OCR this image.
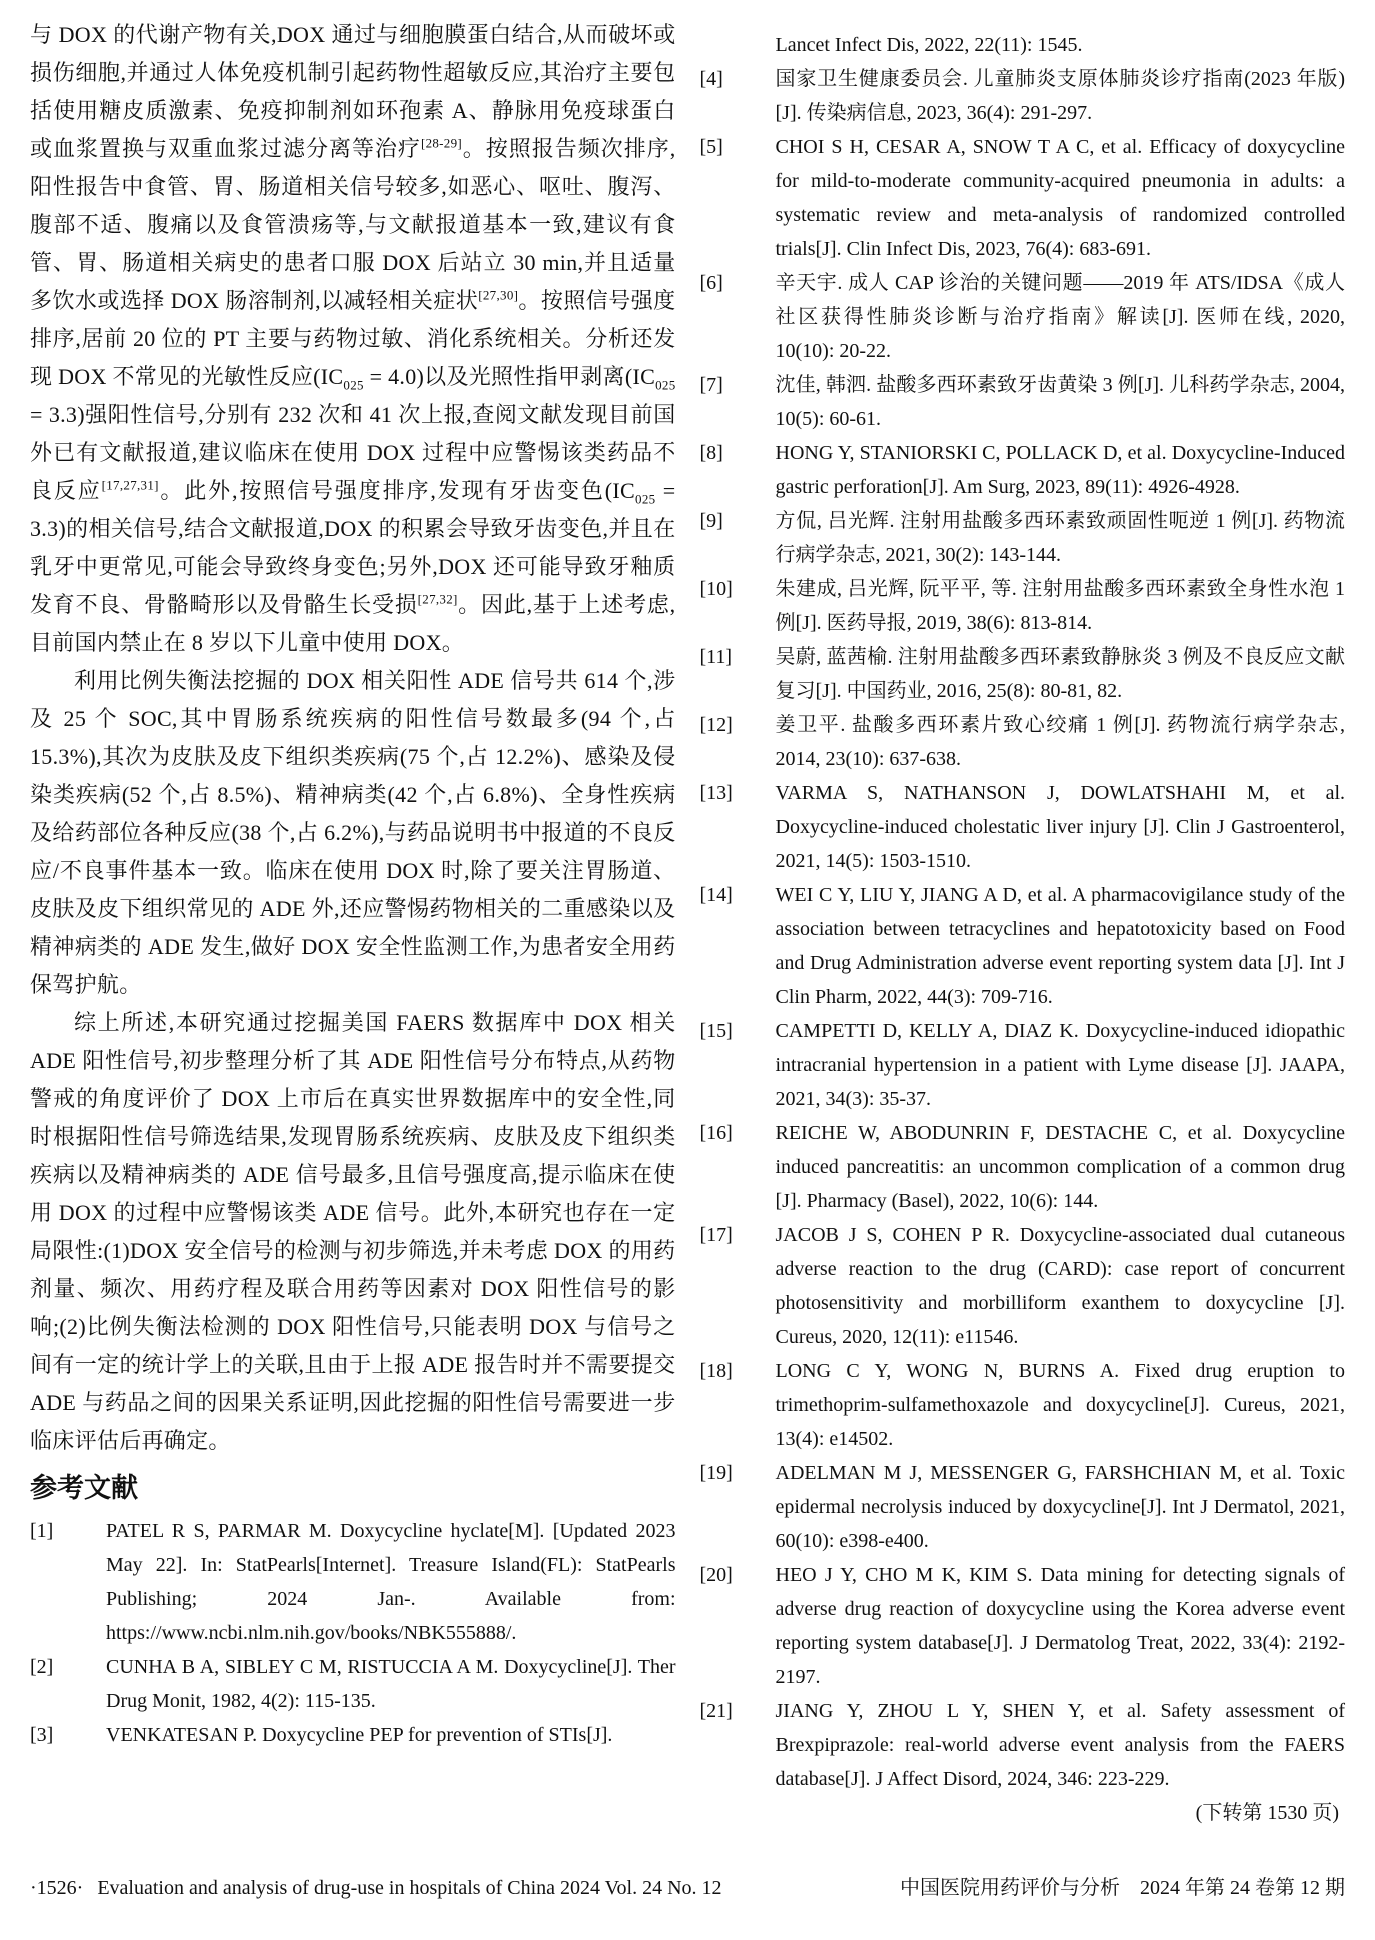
与 DOX 的代谢产物有关,DOX 通过与细胞膜蛋白结合,从而破坏或损伤细胞,并通过人体免疫机制引起药物性超敏反应,其治疗主要包括使用糖皮质激素、免疫抑制剂如环孢素 A、静脉用免疫球蛋白或血浆置换与双重血浆过滤分离等治疗[28-29]。按照报告频次排序,阳性报告中食管、胃、肠道相关信号较多,如恶心、呕吐、腹泻、腹部不适、腹痛以及食管溃疡等,与文献报道基本一致,建议有食管、胃、肠道相关病史的患者口服 DOX 后站立 30 min,并且适量多饮水或选择 DOX 肠溶制剂,以减轻相关症状[27,30]。按照信号强度排序,居前 20 位的 PT 主要与药物过敏、消化系统相关。分析还发现 DOX 不常见的光敏性反应$(IC_{025} = 4.0)$以及光照性指甲剥离$(IC_{025} = 3.3)$强阳性信号,分别有 232 次和 41 次上报,查阅文献发现目前国外已有文献报道,建议临床在使用 DOX 过程中应警惕该类药品不良反应[17,27,31]。此外,按照信号强度排序,发现有牙齿变色$(IC_{025} = 3.3)$的相关信号,结合文献报道,DOX 的积累会导致牙齿变色,并且在乳牙中更常见,可能会导致终身变色;另外,DOX 还可能导致牙釉质发育不良、骨骼畸形以及骨骼生长受损[27,32]。因此,基于上述考虑,目前国内禁止在 8 岁以下儿童中使用 DOX。

利用比例失衡法挖掘的 DOX 相关阳性 ADE 信号共 614 个,涉及 25 个 SOC,其中胃肠系统疾病的阳性信号数最多(94 个,占 15.3%),其次为皮肤及皮下组织类疾病(75 个,占 12.2%)、感染及侵染类疾病(52 个,占 8.5%)、精神病类(42 个,占 6.8%)、全身性疾病及给药部位各种反应(38 个,占 6.2%),与药品说明书中报道的不良反应/不良事件基本一致。临床在使用 DOX 时,除了要关注胃肠道、皮肤及皮下组织常见的 ADE 外,还应警惕药物相关的二重感染以及精神病类的 ADE 发生,做好 DOX 安全性监测工作,为患者安全用药保驾护航。

综上所述,本研究通过挖掘美国 FAERS 数据库中 DOX 相关 ADE 阳性信号,初步整理分析了其 ADE 阳性信号分布特点,从药物警戒的角度评价了 DOX 上市后在真实世界数据库中的安全性,同时根据阳性信号筛选结果,发现胃肠系统疾病、皮肤及皮下组织类疾病以及精神病类的 ADE 信号最多,且信号强度高,提示临床在使用 DOX 的过程中应警惕该类 ADE 信号。此外,本研究也存在一定局限性:(1)DOX 安全信号的检测与初步筛选,并未考虑 DOX 的用药剂量、频次、用药疗程及联合用药等因素对 DOX 阳性信号的影响;(2)比例失衡法检测的 DOX 阳性信号,只能表明 DOX 与信号之间有一定的统计学上的关联,且由于上报 ADE 报告时并不需要提交 ADE 与药品之间的因果关系证明,因此挖掘的阳性信号需要进一步临床评估后再确定。

参考文献
[1]	PATEL R S, PARMAR M. Doxycycline hyclate[M]. [Updated 2023 May 22]. In: StatPearls[Internet]. Treasure Island(FL): StatPearls Publishing; 2024 Jan-. Available from: https://www.ncbi.nlm.nih.gov/books/NBK555888/.
[2]	CUNHA B A, SIBLEY C M, RISTUCCIA A M. Doxycycline[J]. Ther Drug Monit, 1982, 4(2): 115-135.
[3]	VENKATESAN P. Doxycycline PEP for prevention of STIs[J].
Lancet Infect Dis, 2022, 22(11): 1545.
[4]	国家卫生健康委员会. 儿童肺炎支原体肺炎诊疗指南(2023 年版)[J]. 传染病信息, 2023, 36(4): 291-297.
[5]	CHOI S H, CESAR A, SNOW T A C, et al. Efficacy of doxycycline for mild-to-moderate community-acquired pneumonia in adults: a systematic review and meta-analysis of randomized controlled trials[J]. Clin Infect Dis, 2023, 76(4): 683-691.
[6]	辛天宇. 成人 CAP 诊治的关键问题——2019 年 ATS/IDSA《成人社区获得性肺炎诊断与治疗指南》解读[J]. 医师在线, 2020, 10(10): 20-22.
[7]	沈佳, 韩泗. 盐酸多西环素致牙齿黄染 3 例[J]. 儿科药学杂志, 2004, 10(5): 60-61.
[8]	HONG Y, STANIORSKI C, POLLACK D, et al. Doxycycline-Induced gastric perforation[J]. Am Surg, 2023, 89(11): 4926-4928.
[9]	方侃, 吕光辉. 注射用盐酸多西环素致顽固性呃逆 1 例[J]. 药物流行病学杂志, 2021, 30(2): 143-144.
[10]	朱建成, 吕光辉, 阮平平, 等. 注射用盐酸多西环素致全身性水泡 1 例[J]. 医药导报, 2019, 38(6): 813-814.
[11]	吴蔚, 蓝茜榆. 注射用盐酸多西环素致静脉炎 3 例及不良反应文献复习[J]. 中国药业, 2016, 25(8): 80-81, 82.
[12]	姜卫平. 盐酸多西环素片致心绞痛 1 例[J]. 药物流行病学杂志, 2014, 23(10): 637-638.
[13]	VARMA S, NATHANSON J, DOWLATSHAHI M, et al. Doxycycline-induced cholestatic liver injury [J]. Clin J Gastroenterol, 2021, 14(5): 1503-1510.
[14]	WEI C Y, LIU Y, JIANG A D, et al. A pharmacovigilance study of the association between tetracyclines and hepatotoxicity based on Food and Drug Administration adverse event reporting system data [J]. Int J Clin Pharm, 2022, 44(3): 709-716.
[15]	CAMPETTI D, KELLY A, DIAZ K. Doxycycline-induced idiopathic intracranial hypertension in a patient with Lyme disease [J]. JAAPA, 2021, 34(3): 35-37.
[16]	REICHE W, ABODUNRIN F, DESTACHE C, et al. Doxycycline induced pancreatitis: an uncommon complication of a common drug [J]. Pharmacy (Basel), 2022, 10(6): 144.
[17]	JACOB J S, COHEN P R. Doxycycline-associated dual cutaneous adverse reaction to the drug (CARD): case report of concurrent photosensitivity and morbilliform exanthem to doxycycline [J]. Cureus, 2020, 12(11): e11546.
[18]	LONG C Y, WONG N, BURNS A. Fixed drug eruption to trimethoprim-sulfamethoxazole and doxycycline[J]. Cureus, 2021, 13(4): e14502.
[19]	ADELMAN M J, MESSENGER G, FARSHCHIAN M, et al. Toxic epidermal necrolysis induced by doxycycline[J]. Int J Dermatol, 2021, 60(10): e398-e400.
[20]	HEO J Y, CHO M K, KIM S. Data mining for detecting signals of adverse drug reaction of doxycycline using the Korea adverse event reporting system database[J]. J Dermatolog Treat, 2022, 33(4): 2192-2197.
[21]	JIANG Y, ZHOU L Y, SHEN Y, et al. Safety assessment of Brexpiprazole: real-world adverse event analysis from the FAERS database[J]. J Affect Disord, 2024, 346: 223-229.
(下转第 1530 页)
·1526· Evaluation and analysis of drug-use in hospitals of China 2024 Vol. 24 No. 12	中国医院用药评价与分析　2024 年第 24 卷第 12 期
